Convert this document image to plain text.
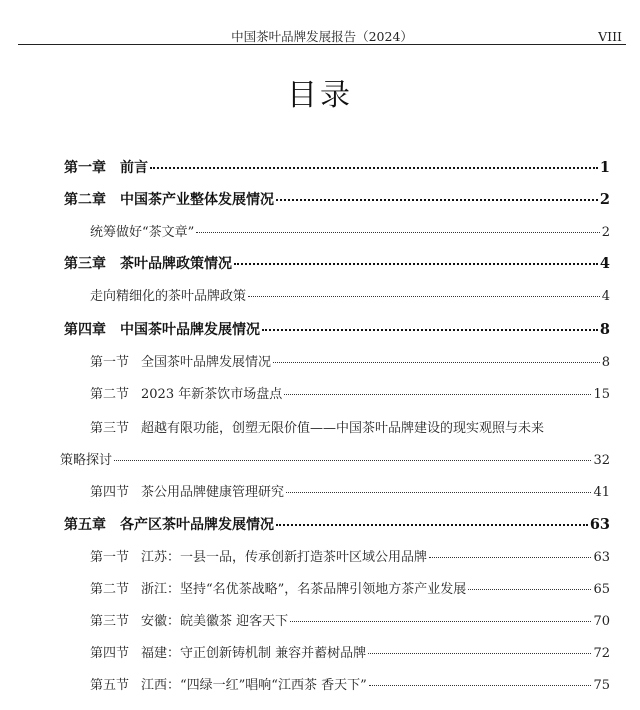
中国茶叶品牌发展报告（2024）	VIII
目录
第一章 前言	1
第二章 中国茶产业整体发展情况	2
统筹做好“茶文章”	2
第三章 茶叶品牌政策情况	4
走向精细化的茶叶品牌政策	4
第四章 中国茶叶品牌发展情况	8
第一节 全国茶叶品牌发展情况	8
第二节 2023 年新茶饮市场盘点	15
第三节 超越有限功能，创塑无限价值——中国茶叶品牌建设的现实观照与未来
策略探讨	32
第四节 茶公用品牌健康管理研究	41
第五章 各产区茶叶品牌发展情况	63
第一节 江苏：一县一品，传承创新打造茶叶区域公用品牌	63
第二节 浙江：坚持“名优茶战略”，名茶品牌引领地方茶产业发展	65
第三节 安徽：皖美徽茶 迎客天下	70
第四节 福建：守正创新铸机制 兼容并蓄树品牌	72
第五节 江西：“四绿一红”唱响“江西茶 香天下”	75
